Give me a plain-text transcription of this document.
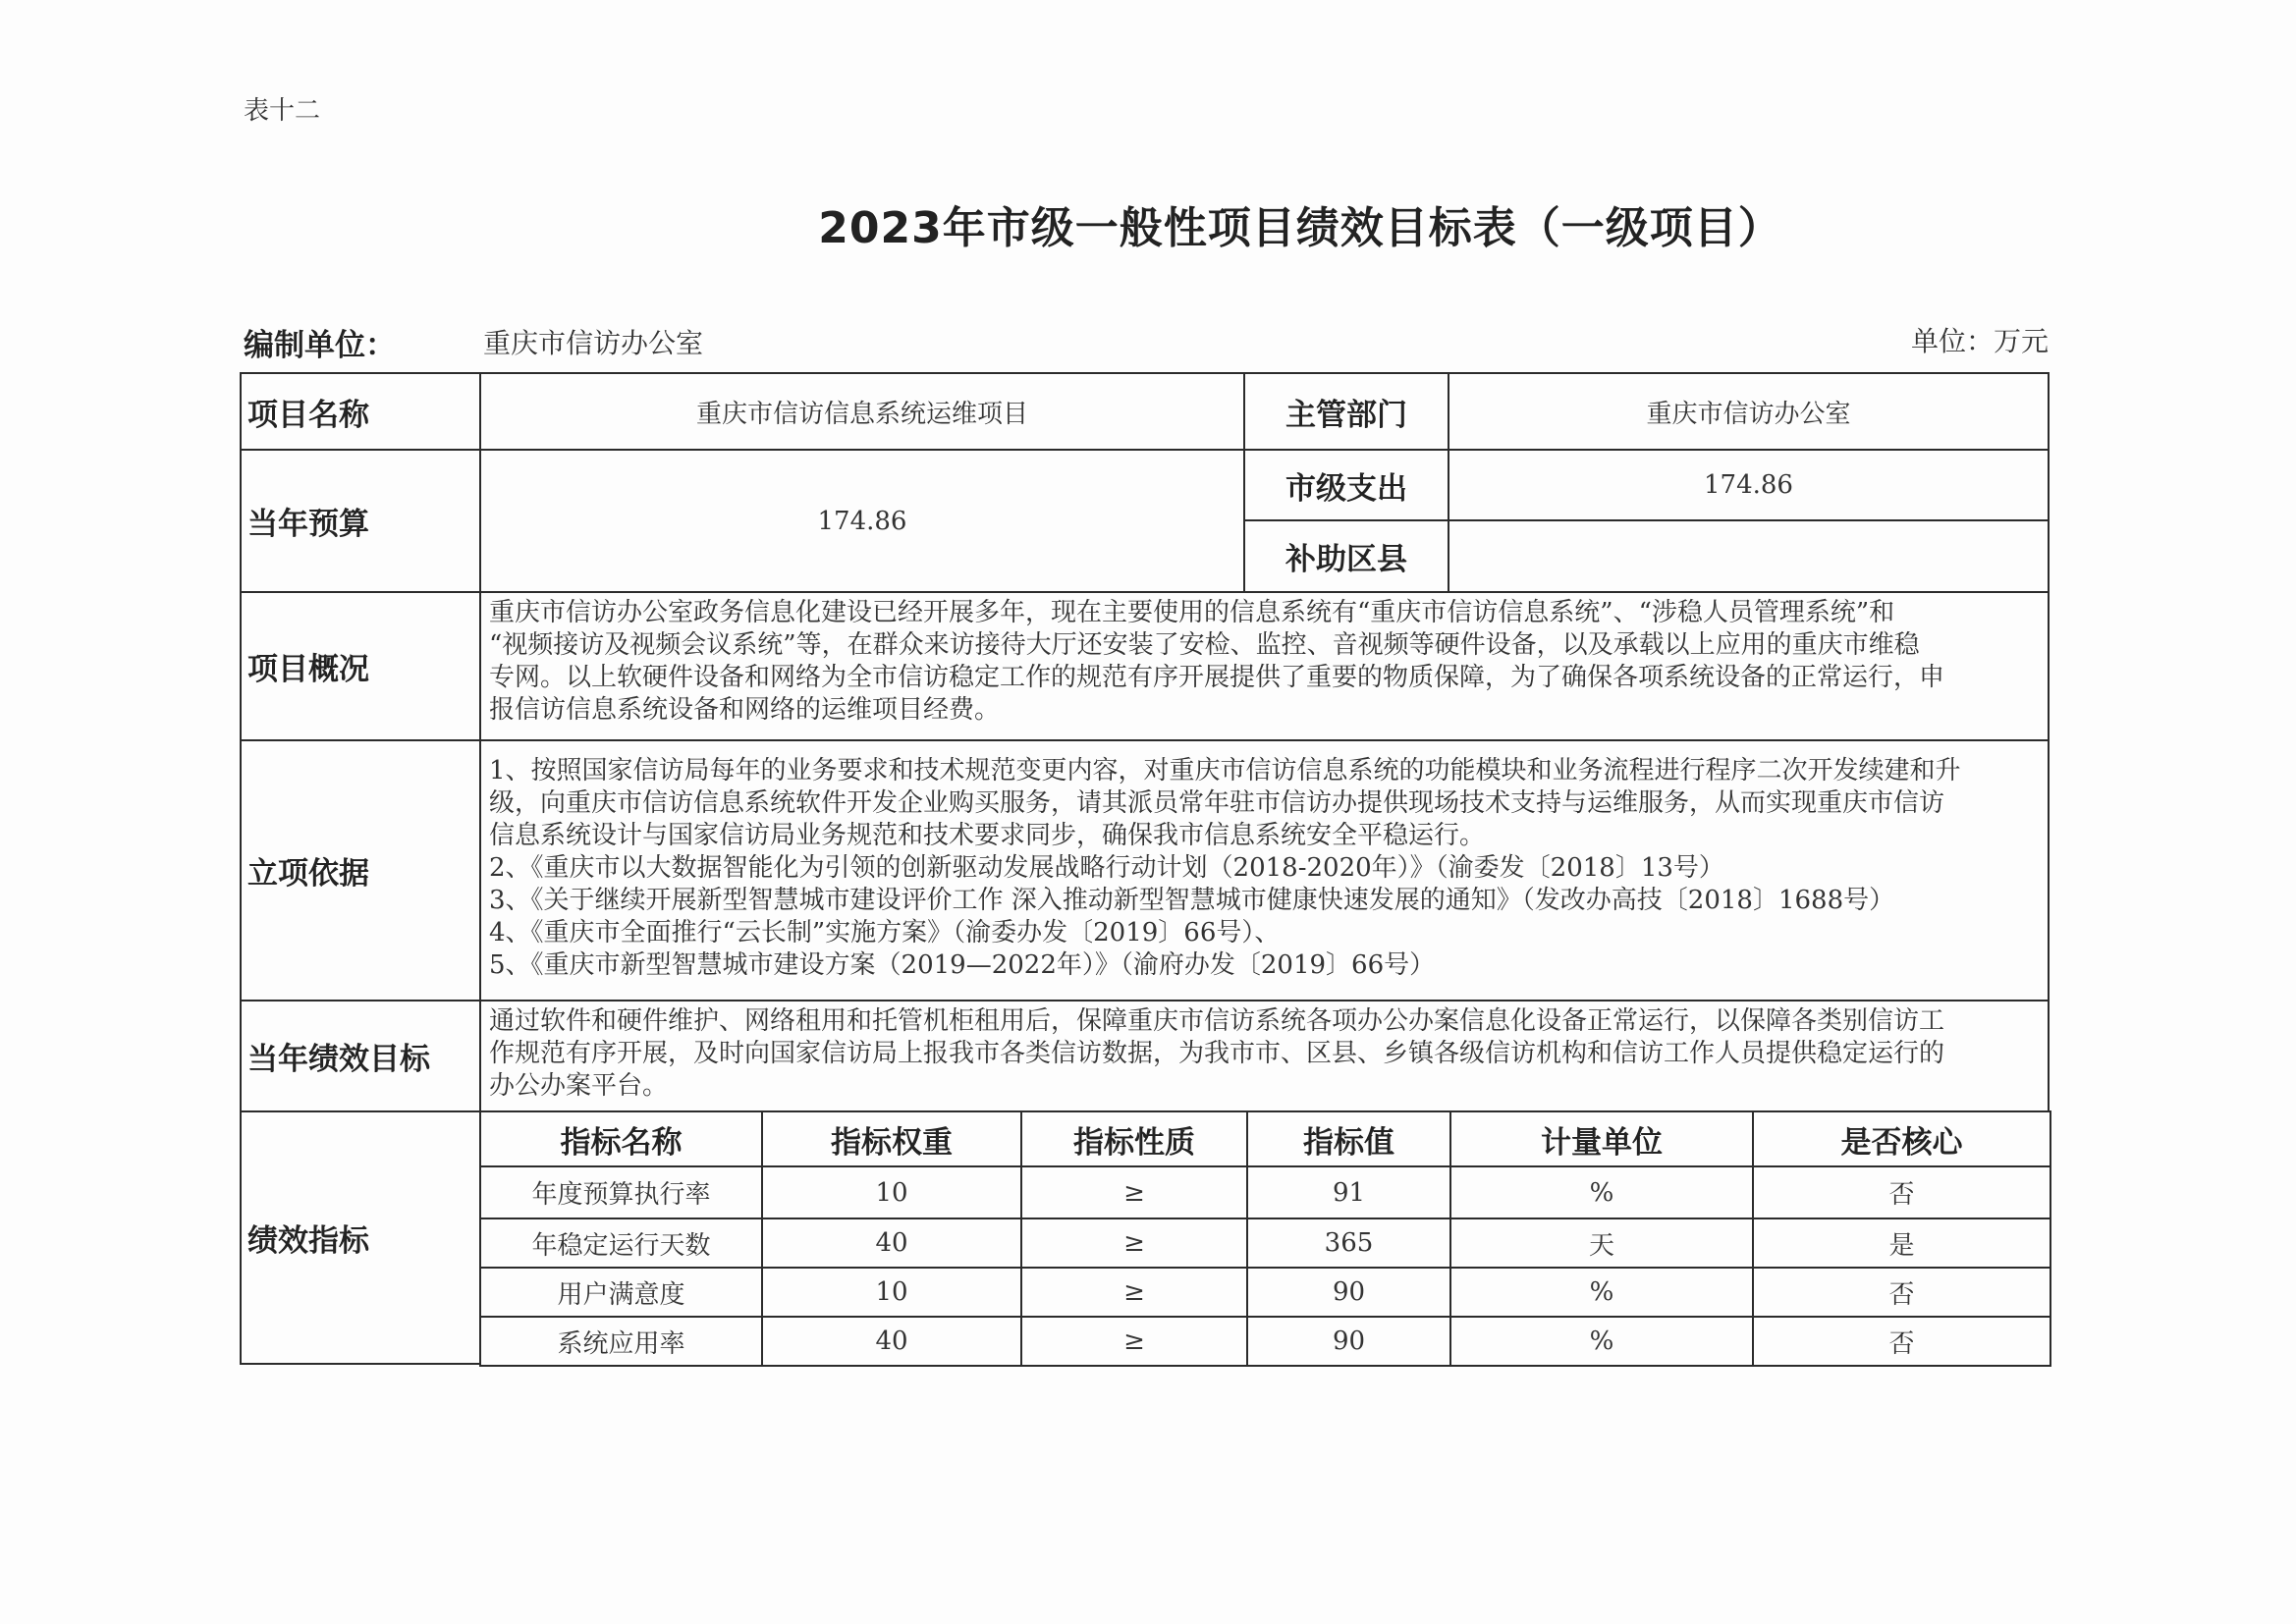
表十二
2023年市级一般性项目绩效目标表（一级项目）
编制单位：	重庆市信访办公室	单位：万元
项目名称	重庆市信访信息系统运维项目	主管部门	重庆市信访办公室
当年预算	174.86
市级支出	174.86
补助区县
项目概况
重庆市信访办公室政务信息化建设已经开展多年，现在主要使用的信息系统有“重庆市信访信息系统”、“涉稳人员管理系统”和
“视频接访及视频会议系统”等，在群众来访接待大厅还安装了安检、监控、音视频等硬件设备，以及承载以上应用的重庆市维稳
专网。以上软硬件设备和网络为全市信访稳定工作的规范有序开展提供了重要的物质保障，为了确保各项系统设备的正常运行，申
报信访信息系统设备和网络的运维项目经费。
立项依据
1、按照国家信访局每年的业务要求和技术规范变更内容，对重庆市信访信息系统的功能模块和业务流程进行程序二次开发续建和升
级，向重庆市信访信息系统软件开发企业购买服务，请其派员常年驻市信访办提供现场技术支持与运维服务，从而实现重庆市信访
信息系统设计与国家信访局业务规范和技术要求同步，确保我市信息系统安全平稳运行。
2、《重庆市以大数据智能化为引领的创新驱动发展战略行动计划（2018-2020年）》（渝委发〔2018〕13号）
3、《关于继续开展新型智慧城市建设评价工作 深入推动新型智慧城市健康快速发展的通知》（发改办高技〔2018〕1688号）
4、《重庆市全面推行“云长制”实施方案》（渝委办发〔2019〕66号）、
5、《重庆市新型智慧城市建设方案（2019—2022年）》（渝府办发〔2019〕66号）
当年绩效目标
通过软件和硬件维护、网络租用和托管机柜租用后，保障重庆市信访系统各项办公办案信息化设备正常运行，以保障各类别信访工
作规范有序开展，及时向国家信访局上报我市各类信访数据，为我市市、区县、乡镇各级信访机构和信访工作人员提供稳定运行的
办公办案平台。
绩效指标
指标名称	指标权重	指标性质	指标值	计量单位	是否核心
年度预算执行率	10	≥	91	%	否
年稳定运行天数	40	≥	365	天	是
用户满意度	10	≥	90	%	否
系统应用率	40	≥	90	%	否
